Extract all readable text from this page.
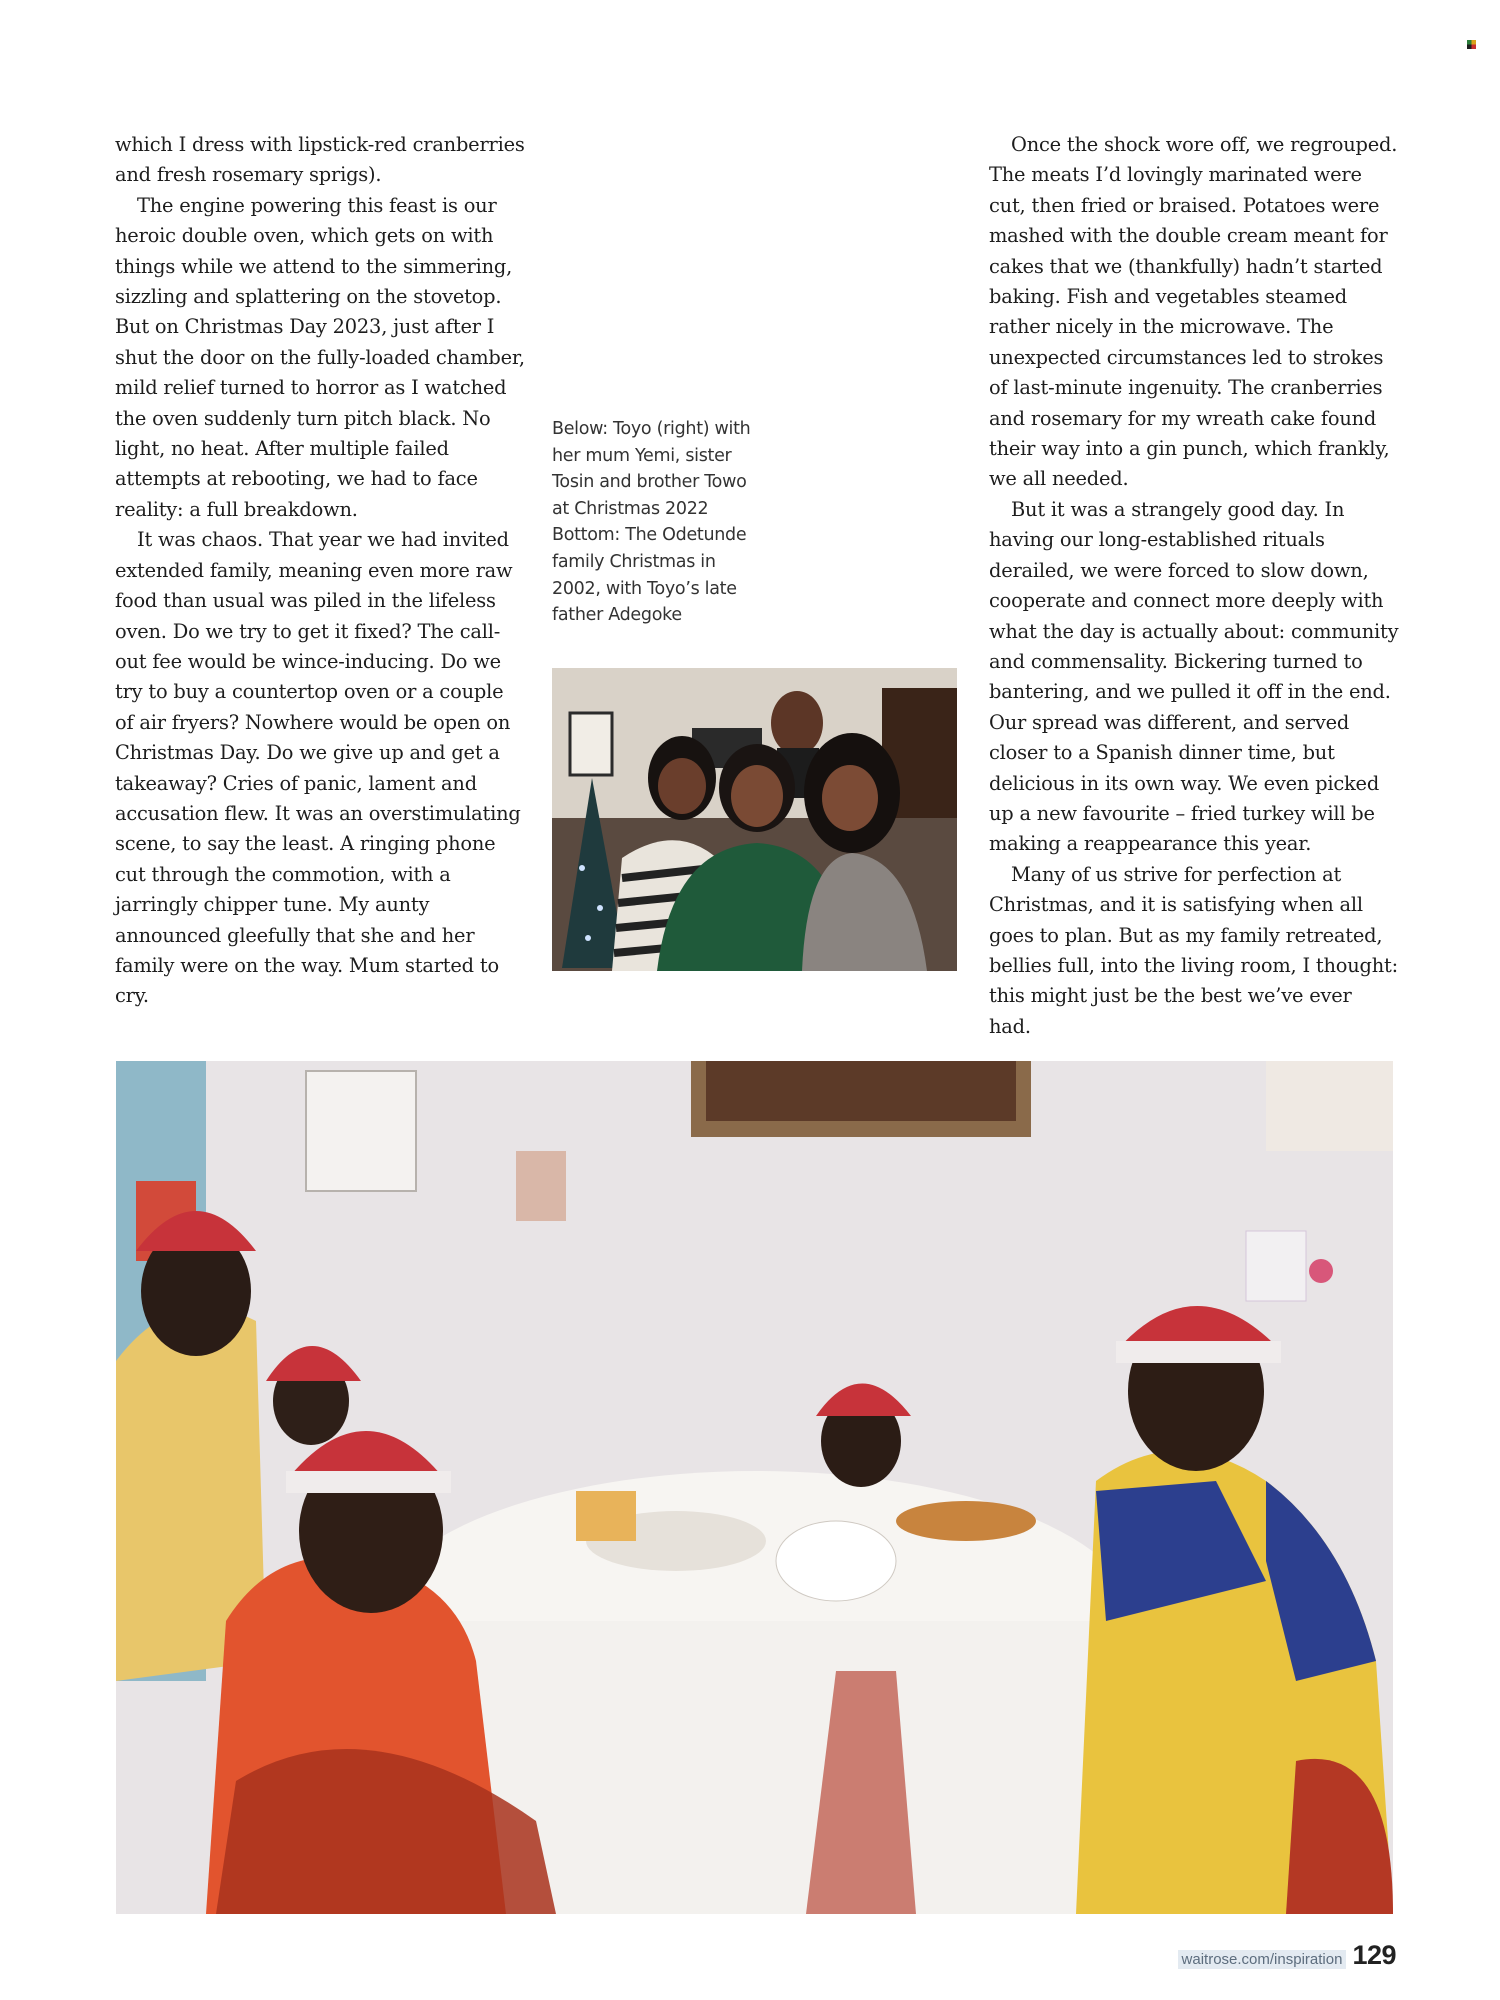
which I dress with lipstick-red cranberries and fresh rosemary sprigs).

The engine powering this feast is our heroic double oven, which gets on with things while we attend to the simmering, sizzling and splattering on the stovetop. But on Christmas Day 2023, just after I shut the door on the fully-loaded chamber, mild relief turned to horror as I watched the oven suddenly turn pitch black. No light, no heat. After multiple failed attempts at rebooting, we had to face reality: a full breakdown.

It was chaos. That year we had invited extended family, meaning even more raw food than usual was piled in the lifeless oven. Do we try to get it fixed? The call-out fee would be wince-inducing. Do we try to buy a countertop oven or a couple of air fryers? Nowhere would be open on Christmas Day. Do we give up and get a takeaway? Cries of panic, lament and accusation flew. It was an overstimulating scene, to say the least. A ringing phone cut through the commotion, with a jarringly chipper tune. My aunty announced gleefully that she and her family were on the way. Mum started to cry.

Below: Toyo (right) with her mum Yemi, sister Tosin and brother Towo at Christmas 2022

Bottom: The Odetunde family Christmas in 2002, with Toyo’s late father Adegoke

Once the shock wore off, we regrouped. The meats I’d lovingly marinated were cut, then fried or braised. Potatoes were mashed with the double cream meant for cakes that we (thankfully) hadn’t started baking. Fish and vegetables steamed rather nicely in the microwave. The unexpected circumstances led to strokes of last-minute ingenuity. The cranberries and rosemary for my wreath cake found their way into a gin punch, which frankly, we all needed.

But it was a strangely good day. In having our long-established rituals derailed, we were forced to slow down, cooperate and connect more deeply with what the day is actually about: community and commensality. Bickering turned to bantering, and we pulled it off in the end. Our spread was different, and served closer to a Spanish dinner time, but delicious in its own way. We even picked up a new favourite – fried turkey will be making a reappearance this year.

Many of us strive for perfection at Christmas, and it is satisfying when all goes to plan. But as my family retreated, bellies full, into the living room, I thought: this might just be the best we’ve ever had.

waitrose.com/inspiration 129
